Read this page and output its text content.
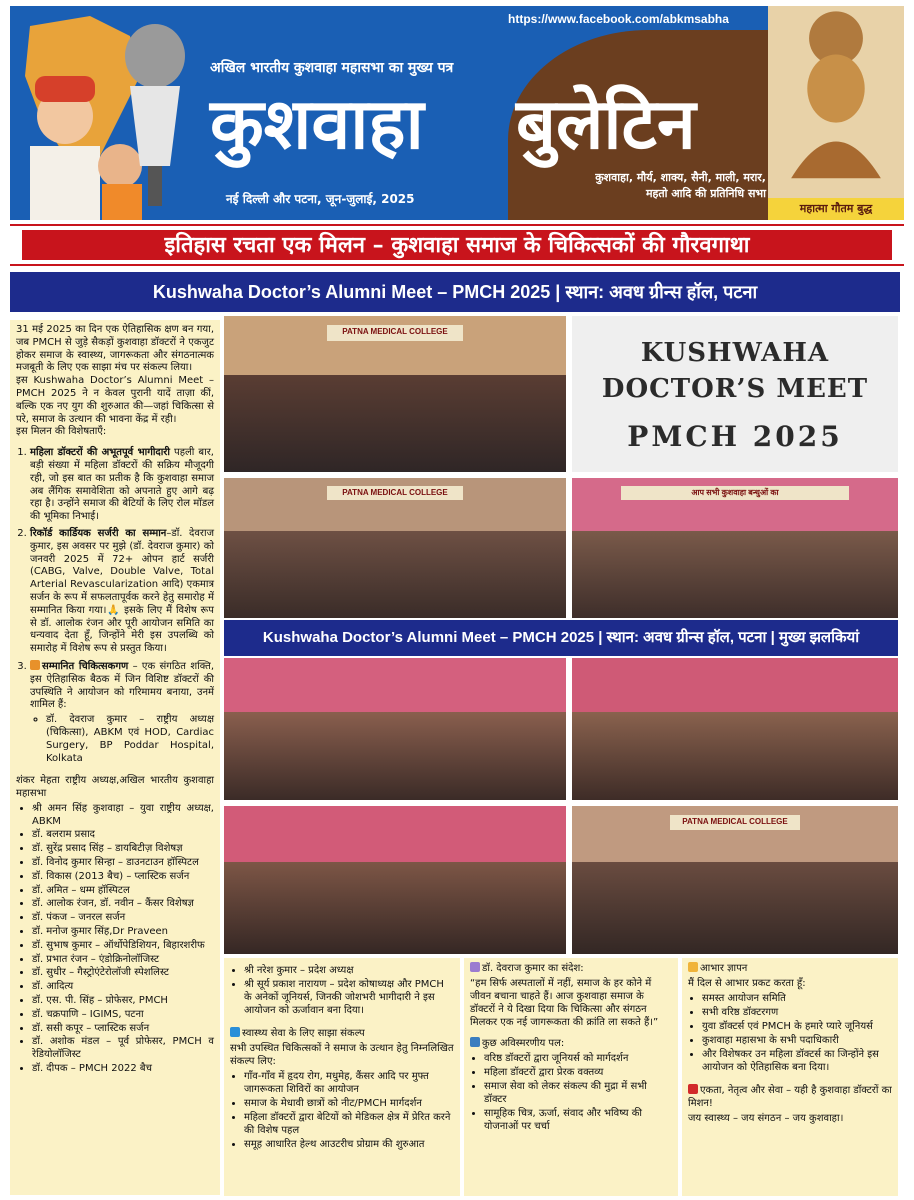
https://www.facebook.com/abkmsabha
अखिल भारतीय कुशवाहा महासभा का मुख्य पत्र
कुशवाहा बुलेटिन
नई दिल्ली और पटना, जून-जुलाई, 2025
कुशवाहा, मौर्य, शाक्य, सैनी, माली, मरार, महतो आदि की प्रतिनिधि सभा
महात्मा गौतम बुद्ध
इतिहास रचता एक मिलन – कुशवाहा समाज के चिकित्सकों की गौरवगाथा
Kushwaha Doctor’s Alumni Meet – PMCH 2025 | स्थान: अवध ग्रीन्स हॉल, पटना

31 मई 2025 का दिन एक ऐतिहासिक क्षण बन गया, जब PMCH से जुड़े सैकड़ों कुशवाहा डॉक्टरों ने एकजुट होकर समाज के स्वास्थ्य, जागरूकता और संगठनात्मक मजबूती के लिए एक साझा मंच पर संकल्प लिया।

इस Kushwaha Doctor’s Alumni Meet – PMCH 2025 ने न केवल पुरानी यादें ताज़ा कीं, बल्कि एक नए युग की शुरुआत की—जहां चिकित्सा से परे, समाज के उत्थान की भावना केंद्र में रही।

इस मिलन की विशेषताएँ:

1. महिला डॉक्टरों की अभूतपूर्व भागीदारी पहली बार, बड़ी संख्या में महिला डॉक्टरों की सक्रिय मौजूदगी रही, जो इस बात का प्रतीक है कि कुशवाहा समाज अब लैंगिक समावेशिता को अपनाते हुए आगे बढ़ रहा है। उन्होंने समाज की बेटियों के लिए रोल मॉडल की भूमिका निभाई।
2. रिकॉर्ड कार्डियक सर्जरी का सम्मान–डॉ. देवराज कुमार, इस अवसर पर मुझे (डॉ. देवराज कुमार) को जनवरी 2025 में 72+ ओपन हार्ट सर्जरी (CABG, Valve, Double Valve, Total Arterial Revascularization आदि) एकमात्र सर्जन के रूप में सफलतापूर्वक करने हेतु समारोह में सम्मानित किया गया।🙏 इसके लिए मैं विशेष रूप से डॉ. आलोक रंजन और पूरी आयोजन समिति का धन्यवाद देता हूँ, जिन्होंने मेरी इस उपलब्धि को समारोह में विशेष रूप से प्रस्तुत किया।
3. सम्मानित चिकित्सकगण – एक संगठित शक्ति, इस ऐतिहासिक बैठक में जिन विशिष्ट डॉक्टरों की उपस्थिति ने आयोजन को गरिमामय बनाया, उनमें शामिल हैं:
◦ डॉ. देवराज कुमार – राष्ट्रीय अध्यक्ष (चिकित्सा), ABKM एवं HOD, Cardiac Surgery, BP Poddar Hospital, Kolkata

शंकर मेहता राष्ट्रीय अध्यक्ष,अखिल भारतीय कुशवाहा महासभा

• श्री अमन सिंह कुशवाहा – युवा राष्ट्रीय अध्यक्ष, ABKM
• डॉ. बलराम प्रसाद
• डॉ. सुरेंद्र प्रसाद सिंह – डायबिटीज़ विशेषज्ञ
• डॉ. विनोद कुमार सिन्हा – डाउनटाउन हॉस्पिटल
• डॉ. विकास (2013 बैच) – प्लास्टिक सर्जन
• डॉ. अमित – धम्म हॉस्पिटल
• डॉ. आलोक रंजन, डॉ. नवीन – कैंसर विशेषज्ञ
• डॉ. पंकज – जनरल सर्जन
• डॉ. मनोज कुमार सिंह,Dr Praveen
• डॉ. सुभाष कुमार – ऑर्थोपेडिशियन, बिहारशरीफ
• डॉ. प्रभात रंजन – एंडोक्रिनोलॉजिस्ट
• डॉ. सुधीर – गैस्ट्रोएंटेरोलॉजी स्पेशलिस्ट
• डॉ. आदित्य
• डॉ. एस. पी. सिंह – प्रोफेसर, PMCH
• डॉ. चक्रपाणि – IGIMS, पटना
• डॉ. ससी कपूर – प्लास्टिक सर्जन
• डॉ. अशोक मंडल – पूर्व प्रोफेसर, PMCH व रेडियोलॉजिस्ट
• डॉ. दीपक – PMCH 2022 बैच
PATNA MEDICAL COLLEGE
KUSHWAHA
DOCTOR’S MEET
PMCH 2025
PATNA MEDICAL COLLEGE	आप सभी कुशवाहा बन्धुओं का
Kushwaha Doctor’s Alumni Meet – PMCH 2025 | स्थान: अवध ग्रीन्स हॉल, पटना | मुख्य झलकियां
PATNA MEDICAL COLLEGE
• श्री नरेश कुमार – प्रदेश अध्यक्ष
• श्री सूर्य प्रकाश नारायण – प्रदेश कोषाध्यक्ष और PMCH के अनेकों जूनियर्स, जिनकी जोशभरी भागीदारी ने इस आयोजन को ऊर्जावान बना दिया।

स्वास्थ्य सेवा के लिए साझा संकल्प

सभी उपस्थित चिकित्सकों ने समाज के उत्थान हेतु निम्नलिखित संकल्प लिए:

• गाँव-गाँव में हृदय रोग, मधुमेह, कैंसर आदि पर मुफ्त जागरूकता शिविरों का आयोजन
• समाज के मेधावी छात्रों को नीट/PMCH मार्गदर्शन
• महिला डॉक्टरों द्वारा बेटियों को मेडिकल क्षेत्र में प्रेरित करने की विशेष पहल
• समूह आधारित हेल्थ आउटरीच प्रोग्राम की शुरुआत

डॉ. देवराज कुमार का संदेश:

“हम सिर्फ अस्पतालों में नहीं, समाज के हर कोने में जीवन बचाना चाहते हैं। आज कुशवाहा समाज के डॉक्टरों ने ये दिखा दिया कि चिकित्सा और संगठन मिलकर एक नई जागरूकता की क्रांति ला सकते हैं।”

कुछ अविस्मरणीय पल:

• वरिष्ठ डॉक्टरों द्वारा जूनियर्स को मार्गदर्शन
• महिला डॉक्टरों द्वारा प्रेरक वक्तव्य
• समाज सेवा को लेकर संकल्प की मुद्रा में सभी डॉक्टर
• सामूहिक चित्र, ऊर्जा, संवाद और भविष्य की योजनाओं पर चर्चा

आभार ज्ञापन

मैं दिल से आभार प्रकट करता हूँ:

• समस्त आयोजन समिति
• सभी वरिष्ठ डॉक्टरगण
• युवा डॉक्टर्स एवं PMCH के हमारे प्यारे जूनियर्स
• कुशवाहा महासभा के सभी पदाधिकारी
• और विशेषकर उन महिला डॉक्टर्स का जिन्होंने इस आयोजन को ऐतिहासिक बना दिया।

एकता, नेतृत्व और सेवा – यही है कुशवाहा डॉक्टरों का मिशन!

जय स्वास्थ्य – जय संगठन – जय कुशवाहा।
